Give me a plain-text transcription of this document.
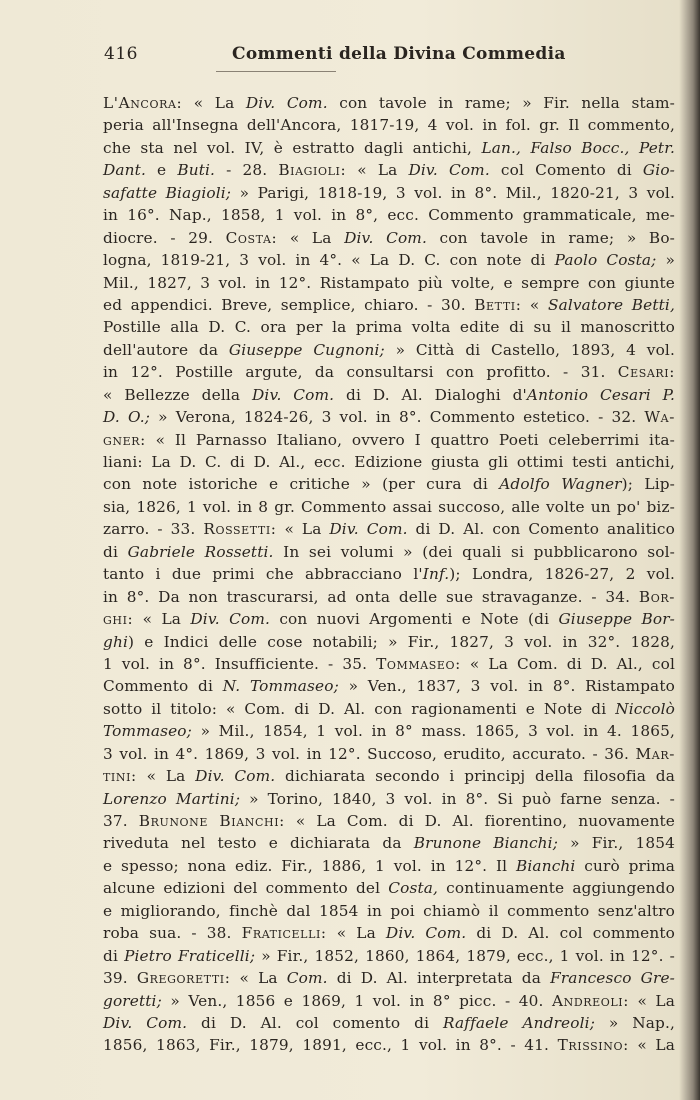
416	Commenti della Divina Commedia
L'Ancora: « La Div. Com. con tavole in rame; » Fir. nella stam-
peria all'Insegna dell'Ancora, 1817-19, 4 vol. in fol. gr. Il commento,
che sta nel vol. IV, è estratto dagli antichi, Lan., Falso Bocc., Petr.
Dant. e Buti. - 28. Biagioli: « La Div. Com. col Comento di Gio-
safatte Biagioli; » Parigi, 1818-19, 3 vol. in 8°. Mil., 1820-21, 3 vol.
in 16°. Nap., 1858, 1 vol. in 8°, ecc. Commento grammaticale, me-
diocre. - 29. Costa: « La Div. Com. con tavole in rame; » Bo-
logna, 1819-21, 3 vol. in 4°. « La D. C. con note di Paolo Costa; »
Mil., 1827, 3 vol. in 12°. Ristampato più volte, e sempre con giunte
ed appendici. Breve, semplice, chiaro. - 30. Betti: « Salvatore Betti,
Postille alla D. C. ora per la prima volta edite di su il manoscritto
dell'autore da Giuseppe Cugnoni; » Città di Castello, 1893, 4 vol.
in 12°. Postille argute, da consultarsi con profitto. - 31. Cesari:
« Bellezze della Div. Com. di D. Al. Dialoghi d'Antonio Cesari P.
D. O.; » Verona, 1824-26, 3 vol. in 8°. Commento estetico. - 32. Wa-
gner: « Il Parnasso Italiano, ovvero I quattro Poeti celeberrimi ita-
liani: La D. C. di D. Al., ecc. Edizione giusta gli ottimi testi antichi,
con note istoriche e critiche » (per cura di Adolfo Wagner); Lip-
sia, 1826, 1 vol. in 8 gr. Commento assai succoso, alle volte un po' biz-
zarro. - 33. Rossetti: « La Div. Com. di D. Al. con Comento analitico
di Gabriele Rossetti. In sei volumi » (dei quali si pubblicarono sol-
tanto i due primi che abbracciano l'Inf.); Londra, 1826-27, 2 vol.
in 8°. Da non trascurarsi, ad onta delle sue stravaganze. - 34. Bor-
ghi: « La Div. Com. con nuovi Argomenti e Note (di Giuseppe Bor-
ghi) e Indici delle cose notabili; » Fir., 1827, 3 vol. in 32°. 1828,
1 vol. in 8°. Insufficiente. - 35. Tommaseo: « La Com. di D. Al., col
Commento di N. Tommaseo; » Ven., 1837, 3 vol. in 8°. Ristampato
sotto il titolo: « Com. di D. Al. con ragionamenti e Note di Niccolò
Tommaseo; » Mil., 1854, 1 vol. in 8° mass. 1865, 3 vol. in 4. 1865,
3 vol. in 4°. 1869, 3 vol. in 12°. Succoso, erudito, accurato. - 36. Mar-
tini: « La Div. Com. dichiarata secondo i principj della filosofia da
Lorenzo Martini; » Torino, 1840, 3 vol. in 8°. Si può farne senza. -
37. Brunone Bianchi: « La Com. di D. Al. fiorentino, nuovamente
riveduta nel testo e dichiarata da Brunone Bianchi; » Fir., 1854
e spesso; nona ediz. Fir., 1886, 1 vol. in 12°. Il Bianchi curò prima
alcune edizioni del commento del Costa, continuamente aggiungendo
e migliorando, finchè dal 1854 in poi chiamò il commento senz'altro
roba sua. - 38. Fraticelli: « La Div. Com. di D. Al. col commento
di Pietro Fraticelli; » Fir., 1852, 1860, 1864, 1879, ecc., 1 vol. in 12°. -
39. Gregoretti: « La Com. di D. Al. interpretata da Francesco Gre-
goretti; » Ven., 1856 e 1869, 1 vol. in 8° picc. - 40. Andreoli: « La
Div. Com. di D. Al. col comento di Raffaele Andreoli; » Nap.,
1856, 1863, Fir., 1879, 1891, ecc., 1 vol. in 8°. - 41. Trissino: « La
